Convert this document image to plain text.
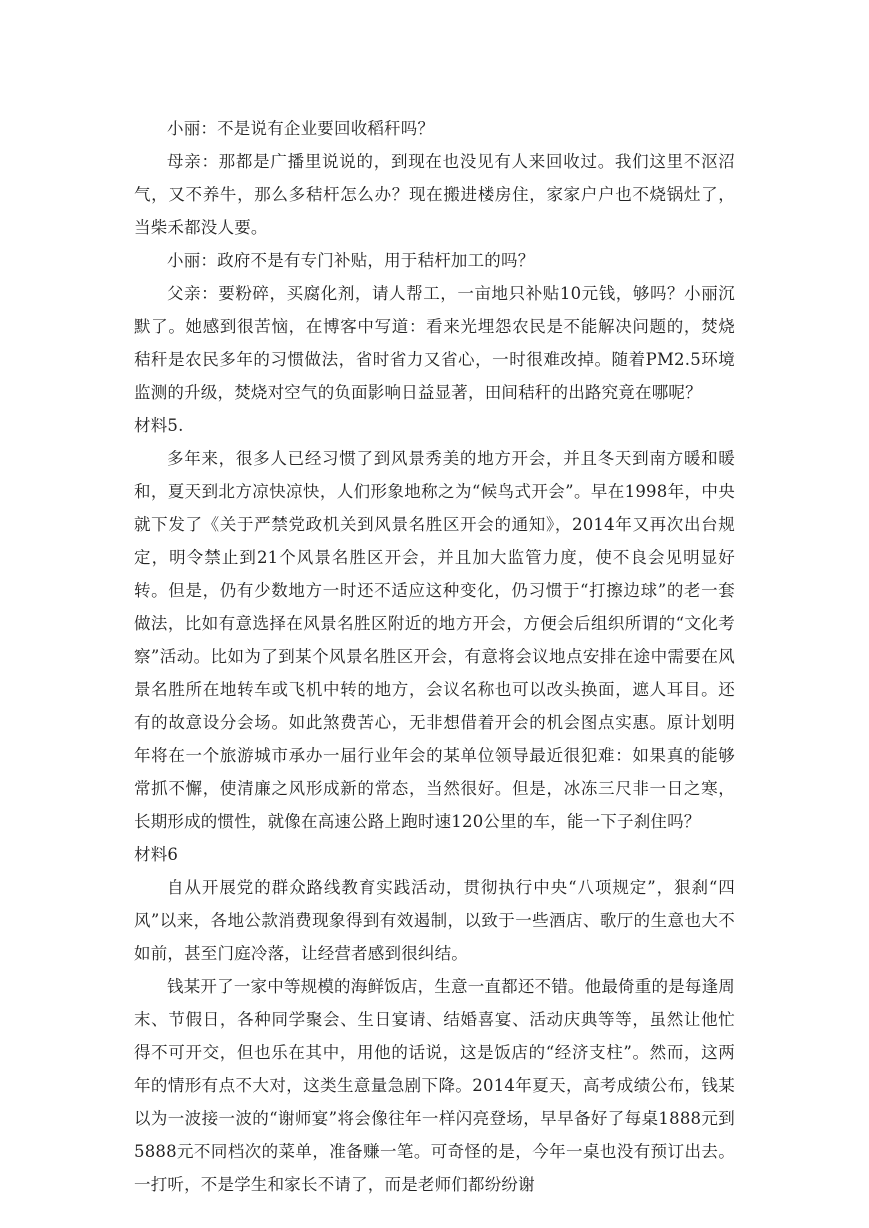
小丽：不是说有企业要回收稻秆吗？

母亲：那都是广播里说说的，到现在也没见有人来回收过。我们这里不沤沼气，又不养牛，那么多秸杆怎么办？现在搬进楼房住，家家户户也不烧锅灶了，当柴禾都没人要。

小丽：政府不是有专门补贴，用于秸杆加工的吗？

父亲：要粉碎，买腐化剂，请人帮工，一亩地只补贴10元钱，够吗？小丽沉默了。她感到很苦恼，在博客中写道：看来光埋怨农民是不能解决问题的，焚烧秸秆是农民多年的习惯做法，省时省力又省心，一时很难改掉。随着PM2.5环境监测的升级，焚烧对空气的负面影响日益显著，田间秸秆的出路究竟在哪呢？

材料5.

多年来，很多人已经习惯了到风景秀美的地方开会，并且冬天到南方暖和暖和，夏天到北方凉快凉快，人们形象地称之为“候鸟式开会”。早在1998年，中央就下发了《关于严禁党政机关到风景名胜区开会的通知》，2014年又再次出台规定，明令禁止到21个风景名胜区开会，并且加大监管力度，使不良会见明显好转。但是，仍有少数地方一时还不适应这种变化，仍习惯于“打擦边球”的老一套做法，比如有意选择在风景名胜区附近的地方开会，方便会后组织所谓的“文化考察”活动。比如为了到某个风景名胜区开会，有意将会议地点安排在途中需要在风景名胜所在地转车或飞机中转的地方，会议名称也可以改头换面，遮人耳目。还有的故意设分会场。如此煞费苦心，无非想借着开会的机会图点实惠。原计划明年将在一个旅游城市承办一届行业年会的某单位领导最近很犯难：如果真的能够常抓不懈，使清廉之风形成新的常态，当然很好。但是，冰冻三尺非一日之寒，长期形成的惯性，就像在高速公路上跑时速120公里的车，能一下子刹住吗？

材料6

自从开展党的群众路线教育实践活动，贯彻执行中央“八项规定”，狠刹“四风”以来，各地公款消费现象得到有效遏制，以致于一些酒店、歌厅的生意也大不如前，甚至门庭冷落，让经营者感到很纠结。

钱某开了一家中等规模的海鲜饭店，生意一直都还不错。他最倚重的是每逢周末、节假日，各种同学聚会、生日宴请、结婚喜宴、活动庆典等等，虽然让他忙得不可开交，但也乐在其中，用他的话说，这是饭店的“经济支柱”。然而，这两年的情形有点不大对，这类生意量急剧下降。2014年夏天，高考成绩公布，钱某以为一波接一波的“谢师宴”将会像往年一样闪亮登场，早早备好了每桌1888元到5888元不同档次的菜单，准备赚一笔。可奇怪的是，今年一桌也没有预订出去。一打听，不是学生和家长不请了，而是老师们都纷纷谢
